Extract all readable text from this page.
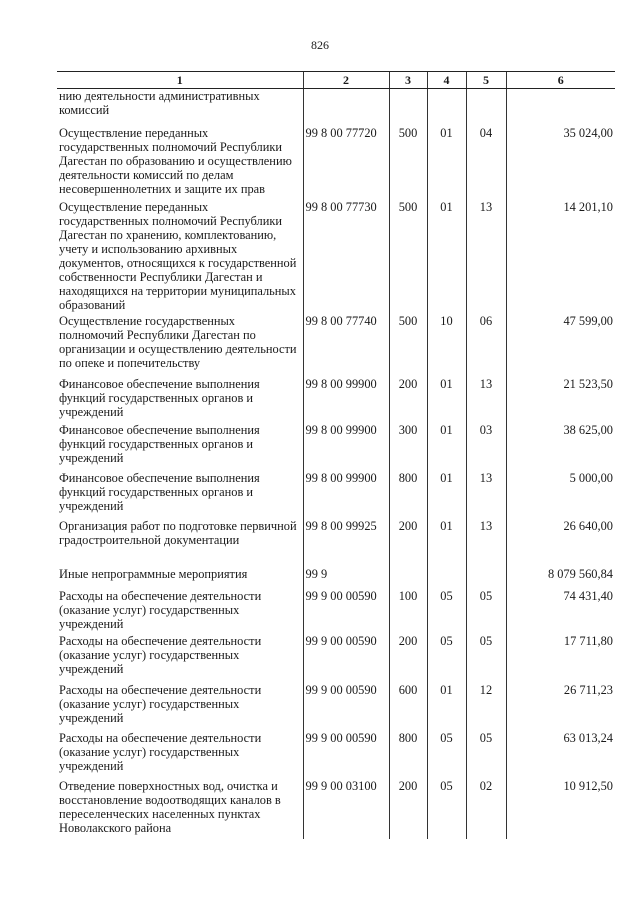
826
1	2	3	4	5	6
нию деятельности административных комиссий					
Осуществление переданных государственных полномочий Республики Дагестан по образованию и осуществлению деятельности комиссий по делам несовершеннолетних и защите их прав	99 8 00 77720	500	01	04	35 024,00
Осуществление переданных государственных полномочий Республики Дагестан по хранению, комплектованию, учету и использованию архивных документов, относящихся к государственной собственности Республики Дагестан и находящихся на территории муниципальных образований	99 8 00 77730	500	01	13	14 201,10
Осуществление государственных полномочий Республики Дагестан по организации и осуществлению деятельности по опеке и попечительству	99 8 00 77740	500	10	06	47 599,00
Финансовое обеспечение выполнения функций государственных органов и учреждений	99 8 00 99900	200	01	13	21 523,50
Финансовое обеспечение выполнения функций государственных органов и учреждений	99 8 00 99900	300	01	03	38 625,00
Финансовое обеспечение выполнения функций государственных органов и учреждений	99 8 00 99900	800	01	13	5 000,00
Организация работ по подготовке первичной градостроительной документации	99 8 00 99925	200	01	13	26 640,00
Иные непрограммные мероприятия	99 9				8 079 560,84
Расходы на обеспечение деятельности (оказание услуг) государственных учреждений	99 9 00 00590	100	05	05	74 431,40
Расходы на обеспечение деятельности (оказание услуг) государственных учреждений	99 9 00 00590	200	05	05	17 711,80
Расходы на обеспечение деятельности (оказание услуг) государственных учреждений	99 9 00 00590	600	01	12	26 711,23
Расходы на обеспечение деятельности (оказание услуг) государственных учреждений	99 9 00 00590	800	05	05	63 013,24
Отведение поверхностных вод, очистка и восстановление водоотводящих каналов в переселенческих населенных пунктах Новолакского района	99 9 00 03100	200	05	02	10 912,50
